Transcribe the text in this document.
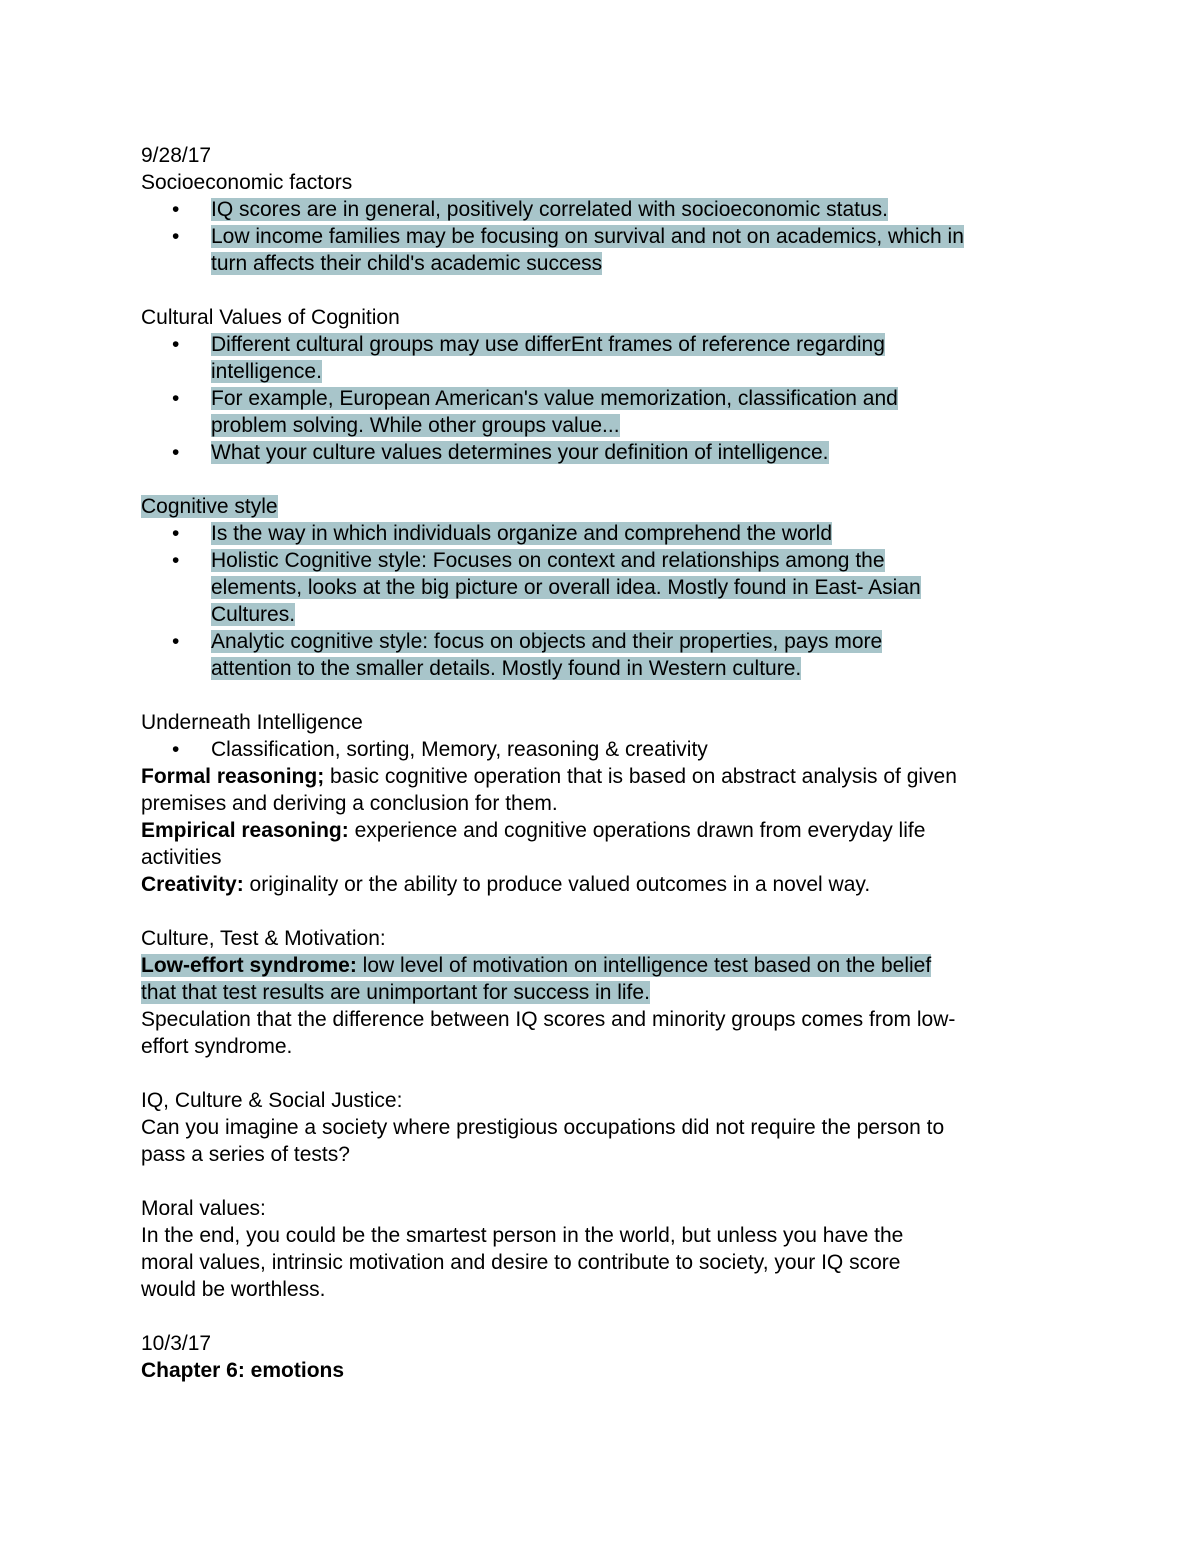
9/28/17
Socioeconomic factors
• IQ scores are in general, positively correlated with socioeconomic status.
• Low income families may be focusing on survival and not on academics, which in
turn affects their child's academic success
Cultural Values of Cognition
• Different cultural groups may use differEnt frames of reference regarding
intelligence.
• For example, European American's value memorization, classification and
problem solving. While other groups value...
• What your culture values determines your definition of intelligence.
Cognitive style
• Is the way in which individuals organize and comprehend the world
• Holistic Cognitive style: Focuses on context and relationships among the
elements, looks at the big picture or overall idea. Mostly found in East- Asian
Cultures.
• Analytic cognitive style: focus on objects and their properties, pays more
attention to the smaller details. Mostly found in Western culture.
Underneath Intelligence
• Classification, sorting, Memory, reasoning & creativity
Formal reasoning; basic cognitive operation that is based on abstract analysis of given
premises and deriving a conclusion for them.
Empirical reasoning: experience and cognitive operations drawn from everyday life
activities
Creativity: originality or the ability to produce valued outcomes in a novel way.
Culture, Test & Motivation:
Low-effort syndrome: low level of motivation on intelligence test based on the belief
that that test results are unimportant for success in life.
Speculation that the difference between IQ scores and minority groups comes from low-
effort syndrome.
IQ, Culture & Social Justice:
Can you imagine a society where prestigious occupations did not require the person to
pass a series of tests?
Moral values:
In the end, you could be the smartest person in the world, but unless you have the
moral values, intrinsic motivation and desire to contribute to society, your IQ score
would be worthless.
10/3/17
Chapter 6: emotions
